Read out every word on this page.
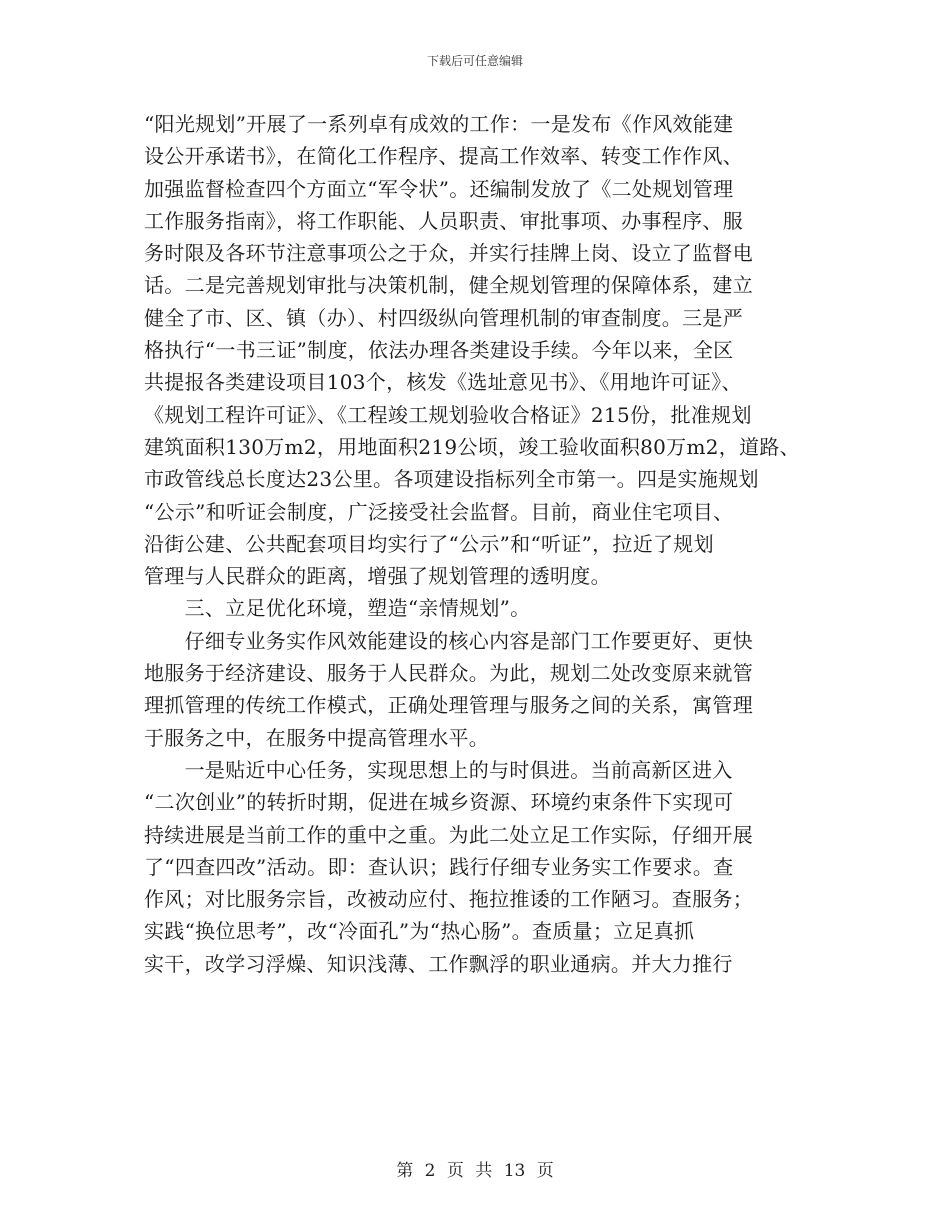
下载后可任意编辑
“阳光规划”开展了一系列卓有成效的工作：一是发布《作风效能建
设公开承诺书》，在简化工作程序、提高工作效率、转变工作作风、
加强监督检查四个方面立“军令状”。还编制发放了《二处规划管理
工作服务指南》，将工作职能、人员职责、审批事项、办事程序、服
务时限及各环节注意事项公之于众，并实行挂牌上岗、设立了监督电
话。二是完善规划审批与决策机制，健全规划管理的保障体系，建立
健全了市、区、镇（办）、村四级纵向管理机制的审查制度。三是严
格执行“一书三证”制度，依法办理各类建设手续。今年以来，全区
共提报各类建设项目103个，核发《选址意见书》、《用地许可证》、
《规划工程许可证》、《工程竣工规划验收合格证》215份，批准规划
建筑面积130万m2，用地面积219公顷，竣工验收面积80万m2，道路、
市政管线总长度达23公里。各项建设指标列全市第一。四是实施规划
“公示”和听证会制度，广泛接受社会监督。目前，商业住宅项目、
沿街公建、公共配套项目均实行了“公示”和“听证”，拉近了规划
管理与人民群众的距离，增强了规划管理的透明度。
　　三、立足优化环境，塑造“亲情规划”。
　　仔细专业务实作风效能建设的核心内容是部门工作要更好、更快
地服务于经济建设、服务于人民群众。为此，规划二处改变原来就管
理抓管理的传统工作模式，正确处理管理与服务之间的关系，寓管理
于服务之中，在服务中提高管理水平。
　　一是贴近中心任务，实现思想上的与时俱进。当前高新区进入
“二次创业”的转折时期，促进在城乡资源、环境约束条件下实现可
持续进展是当前工作的重中之重。为此二处立足工作实际，仔细开展
了“四查四改”活动。即：查认识；践行仔细专业务实工作要求。查
作风；对比服务宗旨，改被动应付、拖拉推诿的工作陋习。查服务；
实践“换位思考”，改“冷面孔”为“热心肠”。查质量；立足真抓
实干，改学习浮燥、知识浅薄、工作飘浮的职业通病。并大力推行
第 2 页 共 13 页
